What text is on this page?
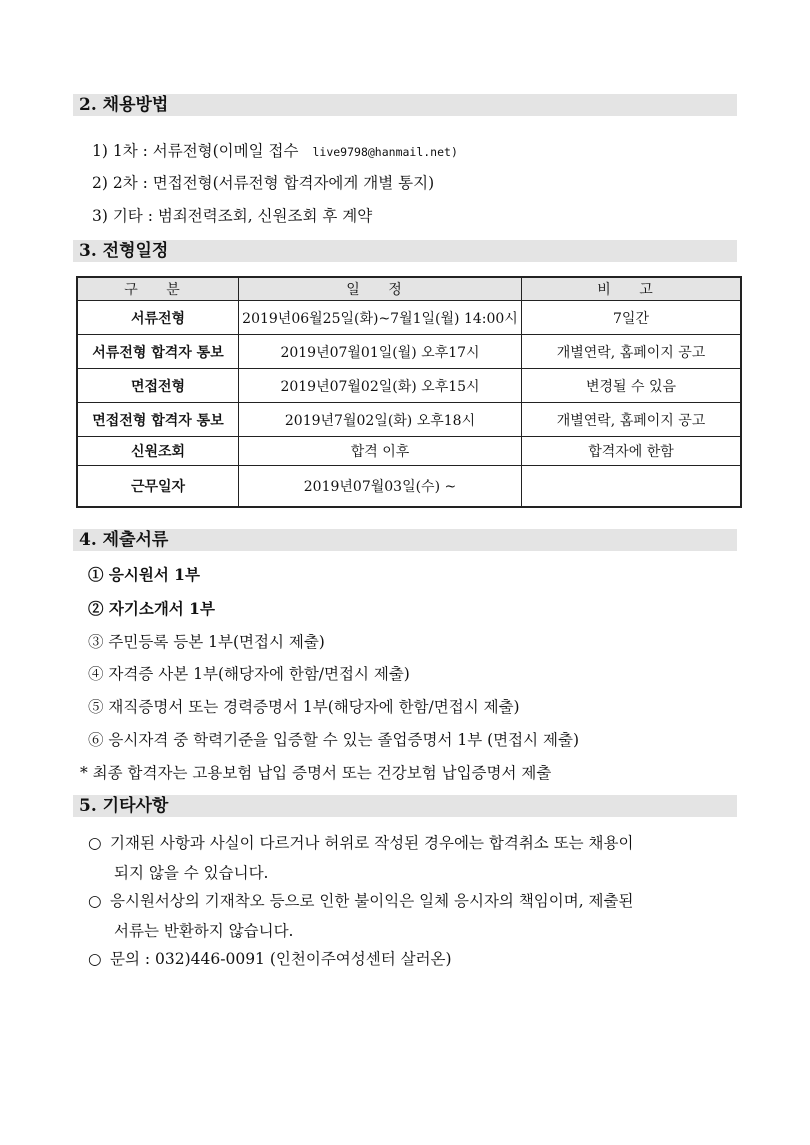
2. 채용방법
1) 1차 : 서류전형(이메일 접수 live9798@hanmail.net)
2) 2차 : 면접전형(서류전형 합격자에게 개별 통지)
3) 기타 : 범죄전력조회, 신원조회 후 계약
3. 전형일정
구 분	일 정	비 고
서류전형	2019년06월25일(화)~7월1일(월) 14:00시	7일간
서류전형 합격자 통보	2019년07월01일(월) 오후17시	개별연락, 홈페이지 공고
면접전형	2019년07월02일(화) 오후15시	변경될 수 있음
면접전형 합격자 통보	2019년7월02일(화) 오후18시	개별연락, 홈페이지 공고
신원조회	합격 이후	합격자에 한함
근무일자	2019년07월03일(수) ~	
4. 제출서류
① 응시원서 1부
② 자기소개서 1부
③ 주민등록 등본 1부(면접시 제출)
④ 자격증 사본 1부(해당자에 한함/면접시 제출)
⑤ 재직증명서 또는 경력증명서 1부(해당자에 한함/면접시 제출)
⑥ 응시자격 중 학력기준을 입증할 수 있는 졸업증명서 1부 (면접시 제출)
* 최종 합격자는 고용보험 납입 증명서 또는 건강보험 납입증명서 제출
5. 기타사항
○ 기재된 사항과 사실이 다르거나 허위로 작성된 경우에는 합격취소 또는 채용이
되지 않을 수 있습니다.
○ 응시원서상의 기재착오 등으로 인한 불이익은 일체 응시자의 책임이며, 제출된
서류는 반환하지 않습니다.
○ 문의 : 032)446-0091 (인천이주여성센터 살러온)
